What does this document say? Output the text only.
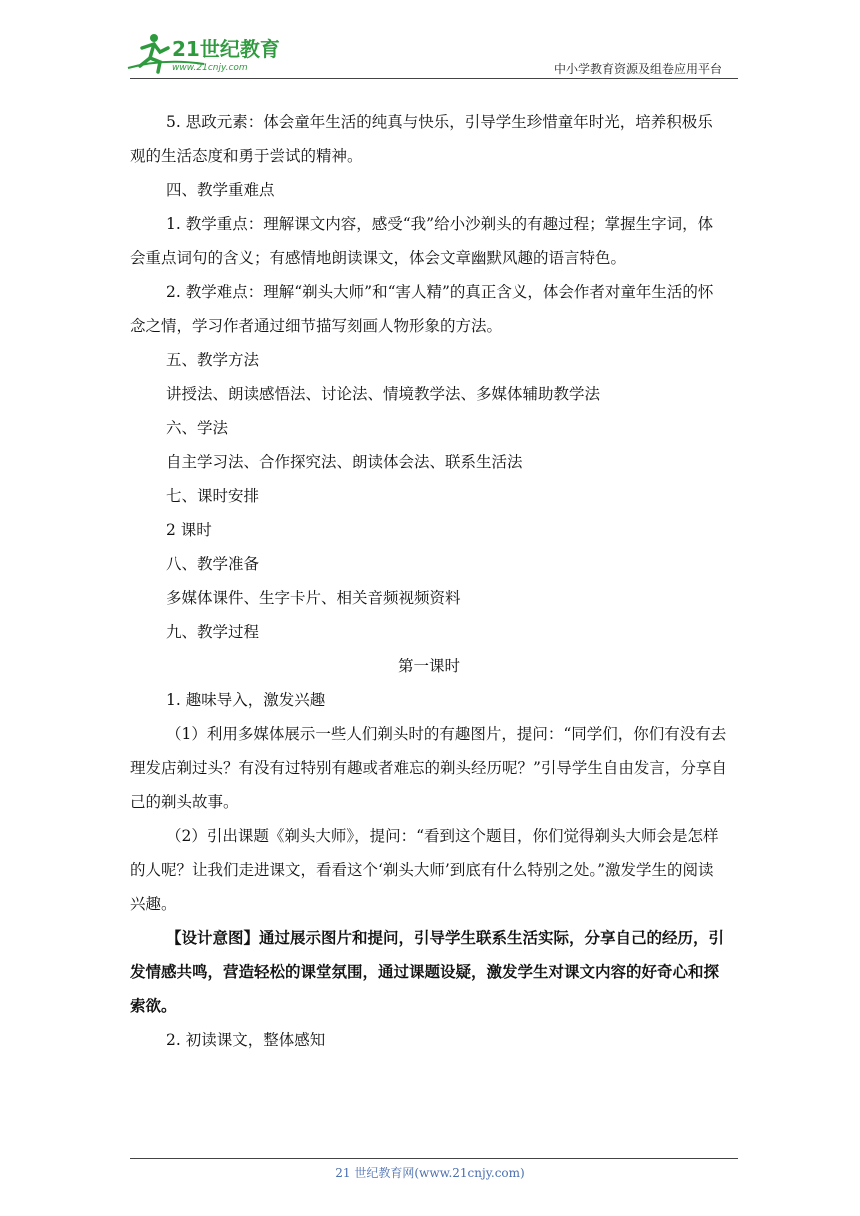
21世纪教育
www.21cnjy.com	中小学教育资源及组卷应用平台

5. 思政元素：体会童年生活的纯真与快乐，引导学生珍惜童年时光，培养积极乐观的生活态度和勇于尝试的精神。

四、教学重难点

1. 教学重点：理解课文内容，感受“我”给小沙剃头的有趣过程；掌握生字词，体会重点词句的含义；有感情地朗读课文，体会文章幽默风趣的语言特色。

2. 教学难点：理解“剃头大师”和“害人精”的真正含义，体会作者对童年生活的怀念之情，学习作者通过细节描写刻画人物形象的方法。

五、教学方法

讲授法、朗读感悟法、讨论法、情境教学法、多媒体辅助教学法

六、学法

自主学习法、合作探究法、朗读体会法、联系生活法

七、课时安排

2 课时

八、教学准备

多媒体课件、生字卡片、相关音频视频资料

九、教学过程

第一课时

1. 趣味导入，激发兴趣

（1）利用多媒体展示一些人们剃头时的有趣图片，提问：“同学们，你们有没有去理发店剃过头？有没有过特别有趣或者难忘的剃头经历呢？”引导学生自由发言，分享自己的剃头故事。

（2）引出课题《剃头大师》，提问：“看到这个题目，你们觉得剃头大师会是怎样的人呢？让我们走进课文，看看这个‘剃头大师’到底有什么特别之处。”激发学生的阅读兴趣。

【设计意图】通过展示图片和提问，引导学生联系生活实际，分享自己的经历，引发情感共鸣，营造轻松的课堂氛围，通过课题设疑，激发学生对课文内容的好奇心和探索欲。

2. 初读课文，整体感知

21 世纪教育网(www.21cnjy.com)
